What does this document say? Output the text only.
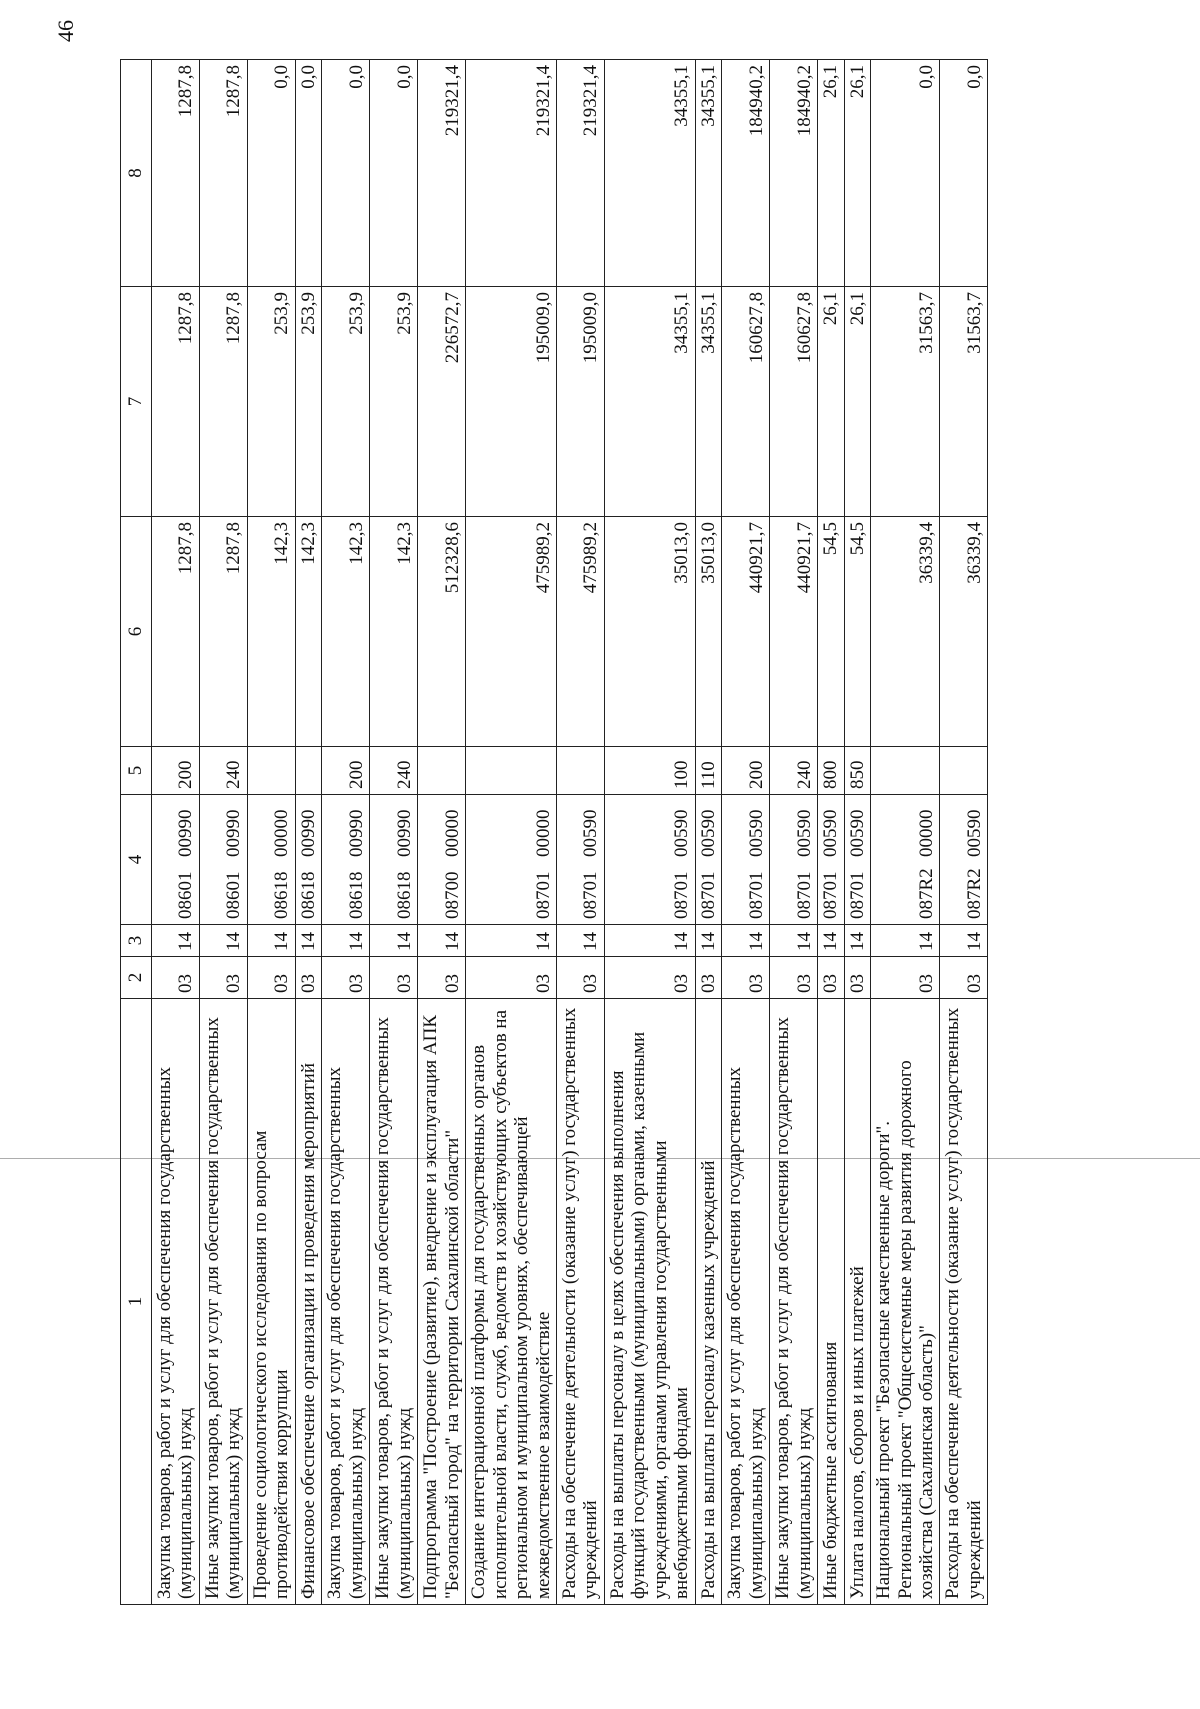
46
1	2	3	4	5	6	7	8
Закупка товаров, работ и услуг для обеспечения государственных (муниципальных) нужд	03	14	0860100990	200	1287,8	1287,8	1287,8
Иные закупки товаров, работ и услуг для обеспечения государственных (муниципальных) нужд	03	14	0860100990	240	1287,8	1287,8	1287,8
Проведение социологического исследования по вопросам противодействия коррупции	03	14	0861800000		142,3	253,9	0,0
Финансовое обеспечение организации и проведения мероприятий	03	14	0861800990		142,3	253,9	0,0
Закупка товаров, работ и услуг для обеспечения государственных (муниципальных) нужд	03	14	0861800990	200	142,3	253,9	0,0
Иные закупки товаров, работ и услуг для обеспечения государственных (муниципальных) нужд	03	14	0861800990	240	142,3	253,9	0,0
Подпрограмма "Построение (развитие), внедрение и эксплуатация АПК "Безопасный город" на территории Сахалинской области"	03	14	0870000000		512328,6	226572,7	219321,4
Создание интеграционной платформы для государственных органов исполнительной власти, служб, ведомств и хозяйствующих субъектов на региональном и муниципальном уровнях, обеспечивающей межведомственное взаимодействие	03	14	0870100000		475989,2	195009,0	219321,4
Расходы на обеспечение деятельности (оказание услуг) государственных учреждений	03	14	0870100590		475989,2	195009,0	219321,4
Расходы на выплаты персоналу в целях обеспечения выполнения функций государственными (муниципальными) органами, казенными учреждениями, органами управления государственными внебюджетными фондами	03	14	0870100590	100	35013,0	34355,1	34355,1
Расходы на выплаты персоналу казенных учреждений	03	14	0870100590	110	35013,0	34355,1	34355,1
Закупка товаров, работ и услуг для обеспечения государственных (муниципальных) нужд	03	14	0870100590	200	440921,7	160627,8	184940,2
Иные закупки товаров, работ и услуг для обеспечения государственных (муниципальных) нужд	03	14	0870100590	240	440921,7	160627,8	184940,2
Иные бюджетные ассигнования	03	14	0870100590	800	54,5	26,1	26,1
Уплата налогов, сборов и иных платежей	03	14	0870100590	850	54,5	26,1	26,1
Национальный проект "Безопасные качественные дороги". Региональный проект "Общесистемные меры развития дорожного хозяйства (Сахалинская область)"	03	14	087R200000		36339,4	31563,7	0,0
Расходы на обеспечение деятельности (оказание услуг) государственных учреждений	03	14	087R200590		36339,4	31563,7	0,0
